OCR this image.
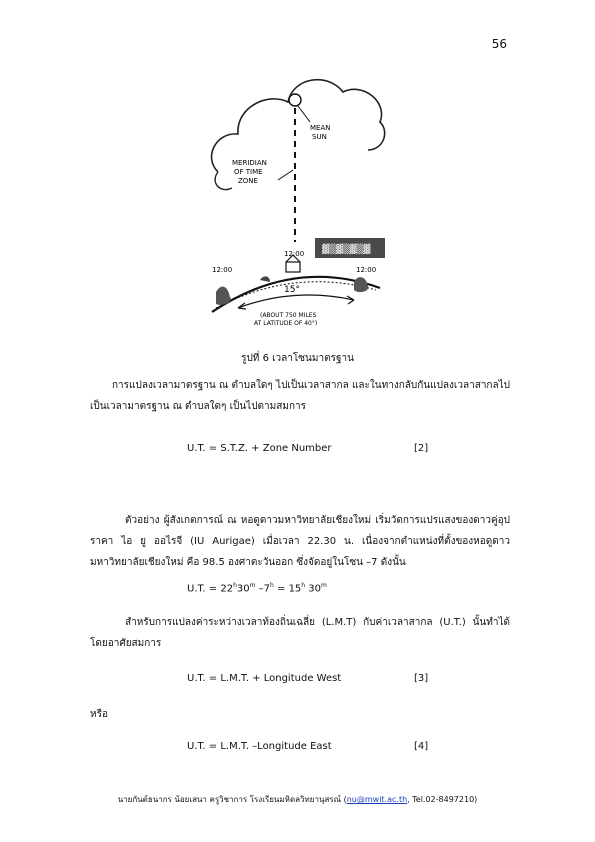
56
MEAN
SUN
MERIDIAN
OF TIME
ZONE
▓▒▓▒▓▒▓
12:00
12:00
12:00
15°
(ABOUT 750 MILES
AT LATITUDE OF 40°)
รูปที่ 6 เวลาโซนมาตรฐาน
การแปลงเวลามาตรฐาน ณ ตำบลใดๆ ไปเป็นเวลาสากล และในทางกลับกันแปลงเวลาสากลไปเป็นเวลามาตรฐาน ณ ตำบลใดๆ เป็นไปตามสมการ
U.T. = S.T.Z. + Zone Number	[2]
ตัวอย่าง ผู้สังเกตการณ์ ณ หอดูดาวมหาวิทยาลัยเชียงใหม่ เริ่มวัดการแปรแสงของดาวคู่อุปราคา ไอ ยู ออไรจี (IU Aurigae) เมื่อเวลา 22.30 น. เนื่องจากตำแหน่งที่ตั้งของหอดูดาวมหาวิทยาลัยเชียงใหม่ คือ 98.5 องศาตะวันออก ซึ่งจัดอยู่ในโซน –7 ดังนั้น
U.T. = $22^h30^m$ $-7^h = 15^h$ 30$^m$
สำหรับการแปลงค่าระหว่างเวลาท้องถิ่นเฉลี่ย (L.M.T) กับค่าเวลาสากล (U.T.) นั้นทำได้โดยอาศัยสมการ
U.T. = L.M.T. + Longitude West	[3]
หรือ
U.T. = L.M.T. –Longitude East	[4]
นายกันต์ธนากร น้อยเสนา ครูวิชาการ โรงเรียนมหิดลวิทยานุสรณ์ (nu@mwit.ac.th, Tel.02-8497210)
